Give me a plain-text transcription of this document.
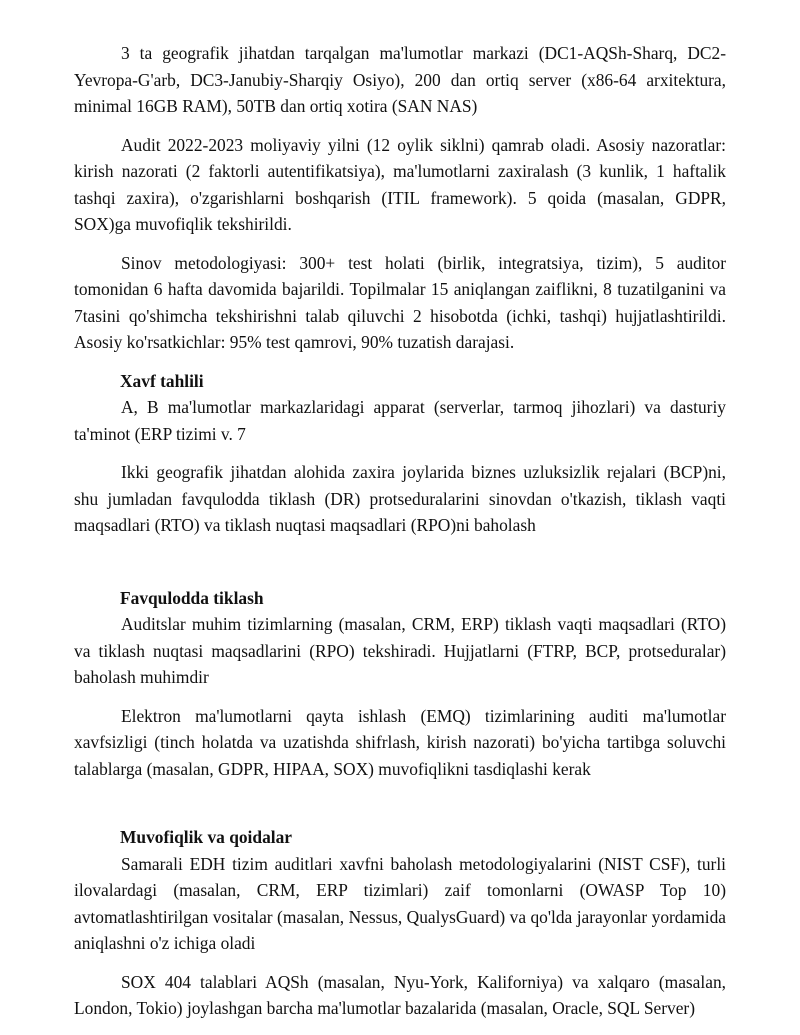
3 ta geografik jihatdan tarqalgan ma'lumotlar markazi (DC1-AQSh-Sharq, DC2-Yevropa-G'arb, DC3-Janubiy-Sharqiy Osiyo), 200 dan ortiq server (x86-64 arxitektura, minimal 16GB RAM), 50TB dan ortiq xotira (SAN NAS)

Audit 2022-2023 moliyaviy yilni (12 oylik siklni) qamrab oladi. Asosiy nazoratlar: kirish nazorati (2 faktorli autentifikatsiya), ma'lumotlarni zaxiralash (3 kunlik, 1 haftalik tashqi zaxira), o'zgarishlarni boshqarish (ITIL framework). 5 qoida (masalan, GDPR, SOX)ga muvofiqlik tekshirildi.

Sinov metodologiyasi: 300+ test holati (birlik, integratsiya, tizim), 5 auditor tomonidan 6 hafta davomida bajarildi. Topilmalar 15 aniqlangan zaiflikni, 8 tuzatilganini va 7tasini qo'shimcha tekshirishni talab qiluvchi 2 hisobotda (ichki, tashqi) hujjatlashtirildi. Asosiy ko'rsatkichlar: 95% test qamrovi, 90% tuzatish darajasi.

Xavf tahlili

A, B ma'lumotlar markazlaridagi apparat (serverlar, tarmoq jihozlari) va dasturiy ta'minot (ERP tizimi v. 7

Ikki geografik jihatdan alohida zaxira joylarida biznes uzluksizlik rejalari (BCP)ni, shu jumladan favqulodda tiklash (DR) protseduralarini sinovdan o'tkazish, tiklash vaqti maqsadlari (RTO) va tiklash nuqtasi maqsadlari (RPO)ni baholash

Favqulodda tiklash

Auditslar muhim tizimlarning (masalan, CRM, ERP) tiklash vaqti maqsadlari (RTO) va tiklash nuqtasi maqsadlarini (RPO) tekshiradi. Hujjatlarni (FTRP, BCP, protseduralar) baholash muhimdir

Elektron ma'lumotlarni qayta ishlash (EMQ) tizimlarining auditi ma'lumotlar xavfsizligi (tinch holatda va uzatishda shifrlash, kirish nazorati) bo'yicha tartibga soluvchi talablarga (masalan, GDPR, HIPAA, SOX) muvofiqlikni tasdiqlashi kerak

Muvofiqlik va qoidalar

Samarali EDH tizim auditlari xavfni baholash metodologiyalarini (NIST CSF), turli ilovalardagi (masalan, CRM, ERP tizimlari) zaif tomonlarni (OWASP Top 10) avtomatlashtirilgan vositalar (masalan, Nessus, QualysGuard) va qo'lda jarayonlar yordamida aniqlashni o'z ichiga oladi

SOX 404 talablari AQSh (masalan, Nyu-York, Kaliforniya) va xalqaro (masalan, London, Tokio) joylashgan barcha ma'lumotlar bazalarida (masalan, Oracle, SQL Server)
